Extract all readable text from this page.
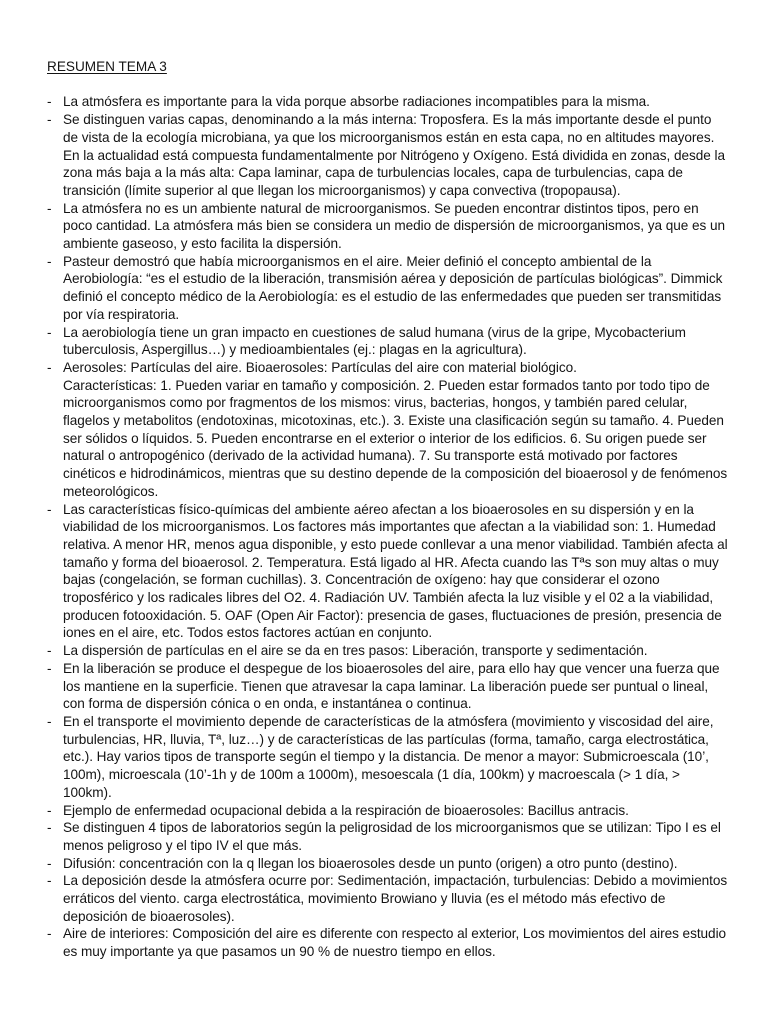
RESUMEN TEMA 3
- La atmósfera es importante para la vida porque absorbe radiaciones incompatibles para la misma.
- Se distinguen varias capas, denominando a la más interna: Troposfera. Es la más importante desde el punto de vista de la ecología microbiana, ya que los microorganismos están en esta capa, no en altitudes mayores. En la actualidad está compuesta fundamentalmente por Nitrógeno y Oxígeno. Está dividida en zonas, desde la zona más baja a la más alta: Capa laminar, capa de turbulencias locales, capa de turbulencias, capa de transición (límite superior al que llegan los microorganismos) y capa convectiva (tropopausa).
- La atmósfera no es un ambiente natural de microorganismos. Se pueden encontrar distintos tipos, pero en poco cantidad. La atmósfera más bien se considera un medio de dispersión de microorganismos, ya que es un ambiente gaseoso, y esto facilita la dispersión.
- Pasteur demostró que había microorganismos en el aire. Meier definió el concepto ambiental de la Aerobiología: “es el estudio de la liberación, transmisión aérea y deposición de partículas biológicas”. Dimmick definió el concepto médico de la Aerobiología: es el estudio de las enfermedades que pueden ser transmitidas por vía respiratoria.
- La aerobiología tiene un gran impacto en cuestiones de salud humana (virus de la gripe, Mycobacterium tuberculosis, Aspergillus…) y medioambientales (ej.: plagas en la agricultura).
- Aerosoles: Partículas del aire. Bioaerosoles: Partículas del aire con material biológico.
Características: 1. Pueden variar en tamaño y composición. 2. Pueden estar formados tanto por todo tipo de microorganismos como por fragmentos de los mismos: virus, bacterias, hongos, y también pared celular, flagelos y metabolitos (endotoxinas, micotoxinas, etc.). 3. Existe una clasificación según su tamaño. 4. Pueden ser sólidos o líquidos. 5. Pueden encontrarse en el exterior o interior de los edificios. 6. Su origen puede ser natural o antropogénico (derivado de la actividad humana). 7. Su transporte está motivado por factores cinéticos e hidrodinámicos, mientras que su destino depende de la composición del bioaerosol y de fenómenos meteorológicos.
- Las características físico-químicas del ambiente aéreo afectan a los bioaerosoles en su dispersión y en la viabilidad de los microorganismos. Los factores más importantes que afectan a la viabilidad son: 1. Humedad relativa. A menor HR, menos agua disponible, y esto puede conllevar a una menor viabilidad. También afecta al tamaño y forma del bioaerosol. 2. Temperatura. Está ligado al HR. Afecta cuando las Tªs son muy altas o muy bajas (congelación, se forman cuchillas). 3. Concentración de oxígeno: hay que considerar el ozono troposférico y los radicales libres del O2. 4. Radiación UV. También afecta la luz visible y el 02 a la viabilidad, producen fotooxidación. 5. OAF (Open Air Factor): presencia de gases, fluctuaciones de presión, presencia de iones en el aire, etc. Todos estos factores actúan en conjunto.
- La dispersión de partículas en el aire se da en tres pasos: Liberación, transporte y sedimentación.
- En la liberación se produce el despegue de los bioaerosoles del aire, para ello hay que vencer una fuerza que los mantiene en la superficie. Tienen que atravesar la capa laminar. La liberación puede ser puntual o lineal, con forma de dispersión cónica o en onda, e instantánea o continua.
- En el transporte el movimiento depende de características de la atmósfera (movimiento y viscosidad del aire, turbulencias, HR, lluvia, Tª, luz…) y de características de las partículas (forma, tamaño, carga electrostática, etc.). Hay varios tipos de transporte según el tiempo y la distancia. De menor a mayor: Submicroescala (10’, 100m), microescala (10’-1h y de 100m a 1000m), mesoescala (1 día, 100km) y macroescala (> 1 día, > 100km).
- Ejemplo de enfermedad ocupacional debida a la respiración de bioaerosoles: Bacillus antracis.
- Se distinguen 4 tipos de laboratorios según la peligrosidad de los microorganismos que se utilizan: Tipo I es el menos peligroso y el tipo IV el que más.
- Difusión: concentración con la q llegan los bioaerosoles desde un punto (origen) a otro punto (destino).
- La deposición desde la atmósfera ocurre por: Sedimentación, impactación, turbulencias: Debido a movimientos erráticos del viento. carga electrostática, movimiento Browiano y lluvia (es el método más efectivo de deposición de bioaerosoles).
- Aire de interiores: Composición del aire es diferente con respecto al exterior, Los movimientos del aires estudio es muy importante ya que pasamos un 90 % de nuestro tiempo en ellos.
